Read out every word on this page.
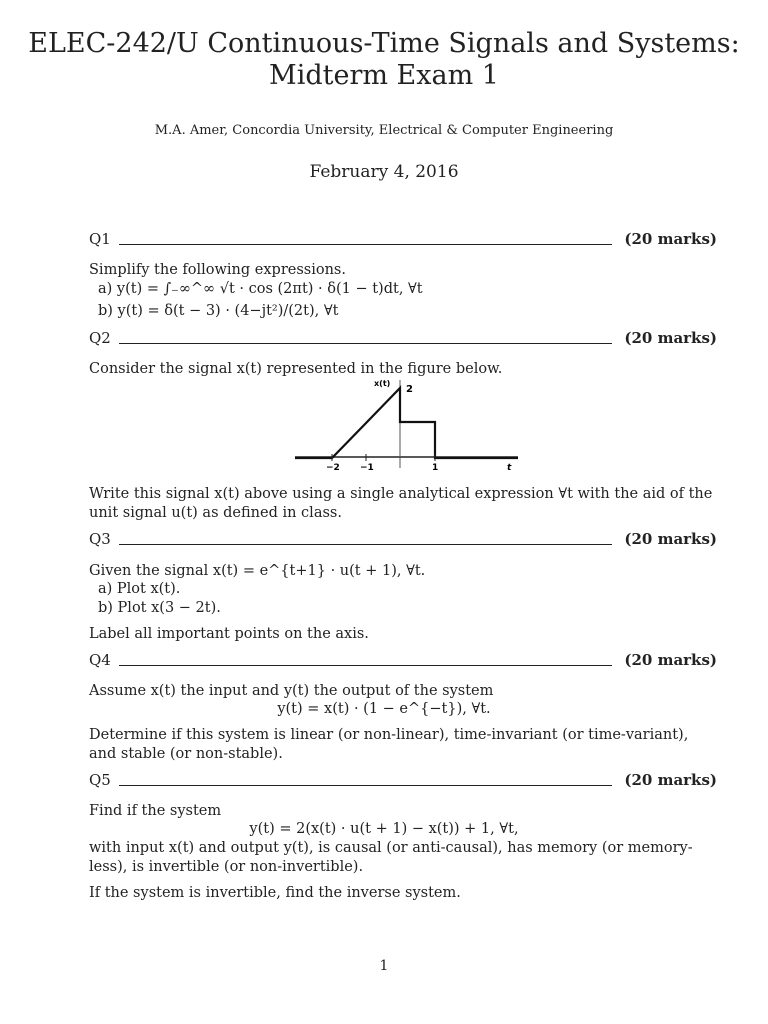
ELEC-242/U Continuous-Time Signals and Systems:
Midterm Exam 1
M.A. Amer, Concordia University, Electrical & Computer Engineering
February 4, 2016
Q1	(20 marks)
Simplify the following expressions.
a) y(t) = ∫₋∞^∞ √t · cos (2πt) · δ(1 − t)dt, ∀t
b) y(t) = δ(t − 3) · (4−jt²)/(2t), ∀t
Q2	(20 marks)
Consider the signal x(t) represented in the figure below.
x(t)
2
−2 −1	1	t
Write this signal x(t) above using a single analytical expression ∀t with the aid of the unit signal u(t) as defined in class.
Q3	(20 marks)
Given the signal x(t) = e^{t+1} · u(t + 1), ∀t.
a) Plot x(t).
b) Plot x(3 − 2t).
Label all important points on the axis.
Q4	(20 marks)
Assume x(t) the input and y(t) the output of the system
y(t) = x(t) · (1 − e^{−t}), ∀t.
Determine if this system is linear (or non-linear), time-invariant (or time-variant), and stable (or non-stable).
Q5	(20 marks)
Find if the system
y(t) = 2(x(t) · u(t + 1) − x(t)) + 1, ∀t,
with input x(t) and output y(t), is causal (or anti-causal), has memory (or memory-less), is invertible (or non-invertible).
If the system is invertible, find the inverse system.
1
